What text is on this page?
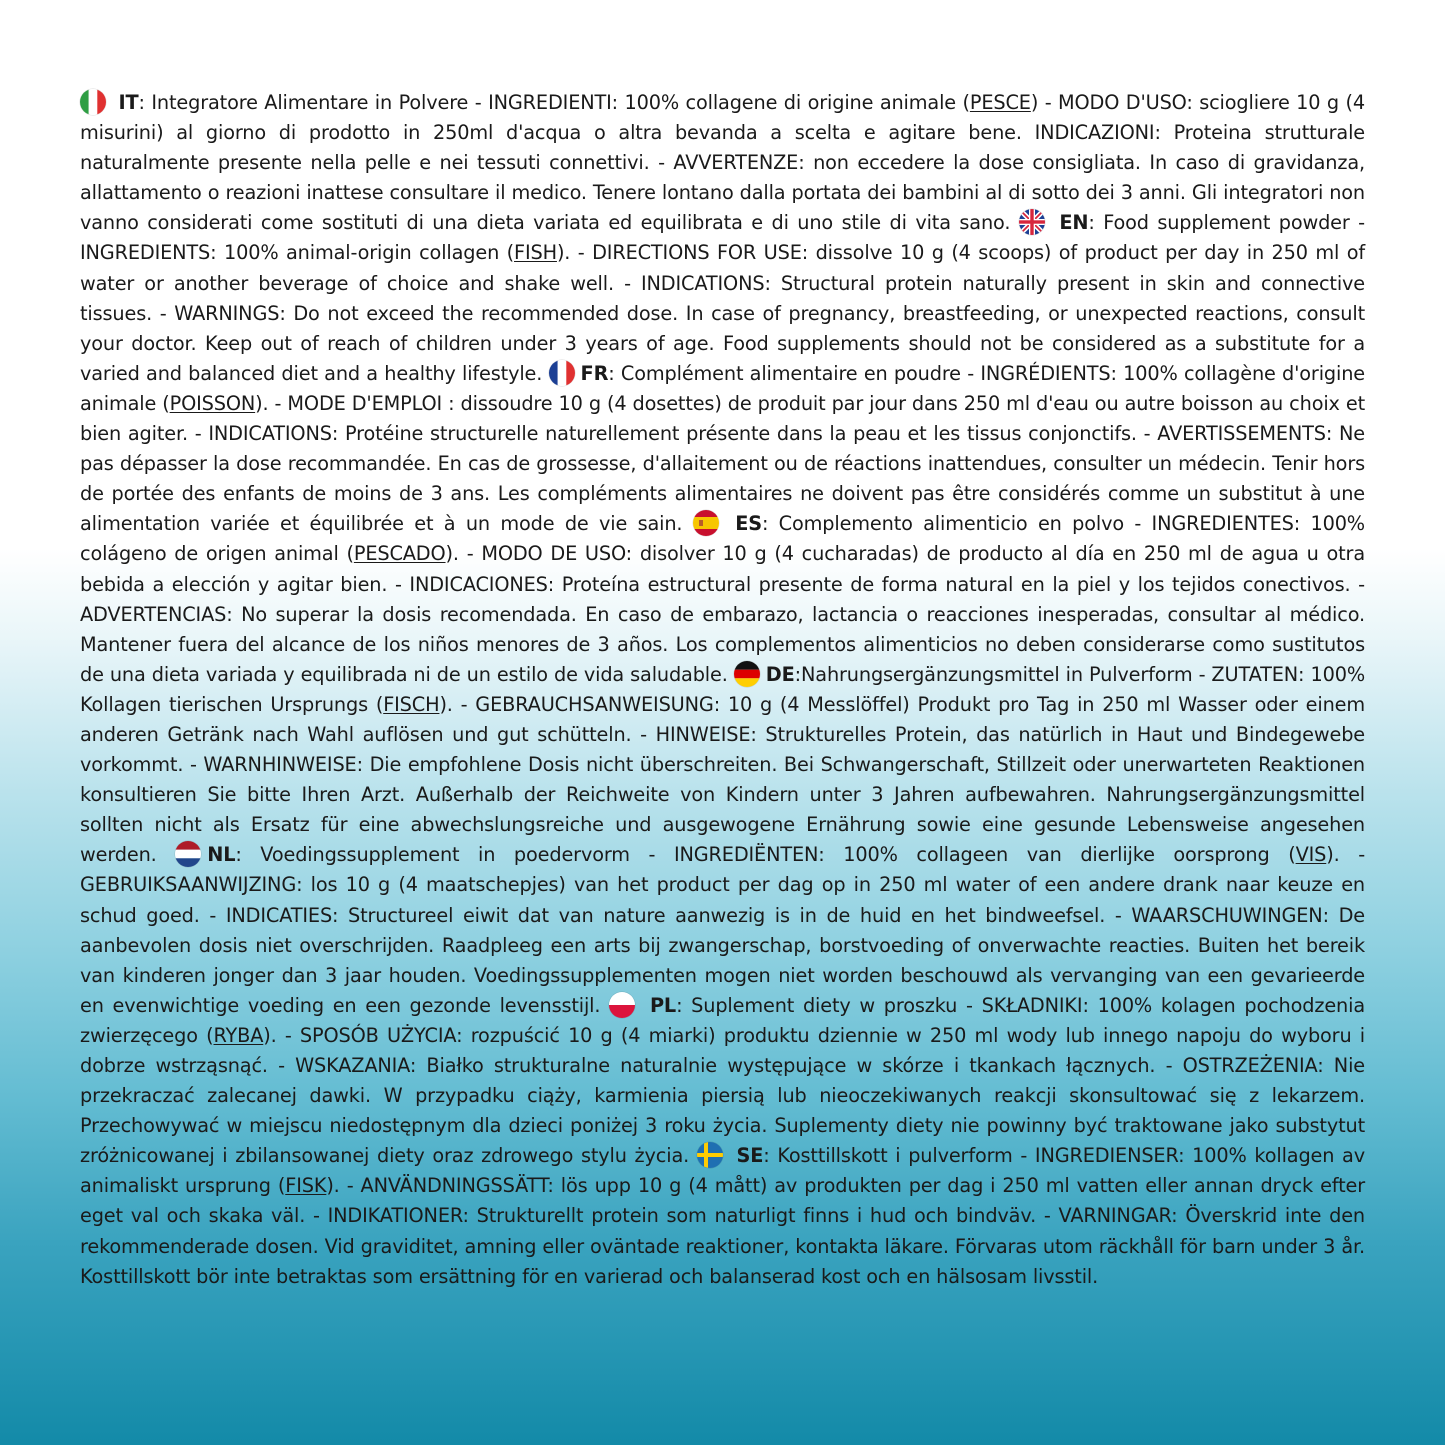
IT: Integratore Alimentare in Polvere - INGREDIENTI: 100% collagene di origine animale (PESCE) - MODO D'USO: sciogliere 10 g (4 misurini) al giorno di prodotto in 250ml d'acqua o altra bevanda a scelta e agitare bene. INDICAZIONI: Proteina strutturale naturalmente presente nella pelle e nei tessuti connettivi. - AVVERTENZE: non eccedere la dose consigliata. In caso di gravidanza, allattamento o reazioni inattese consultare il medico. Tenere lontano dalla portata dei bambini al di sotto dei 3 anni. Gli integratori non vanno considerati come sostituti di una dieta variata ed equilibrata e di uno stile di vita sano.
EN: Food supplement powder - INGREDIENTS: 100% animal-origin collagen (FISH). - DIRECTIONS FOR USE: dissolve 10 g (4 scoops) of product per day in 250 ml of water or another beverage of choice and shake well. - INDICATIONS: Structural protein naturally present in skin and connective tissues. - WARNINGS: Do not exceed the recommended dose. In case of pregnancy, breastfeeding, or unexpected reactions, consult your doctor. Keep out of reach of children under 3 years of age. Food supplements should not be considered as a substitute for a varied and balanced diet and a healthy lifestyle.
FR: Complément alimentaire en poudre - INGRÉDIENTS: 100% collagène d'origine animale (POISSON). - MODE D'EMPLOI : dissoudre 10 g (4 dosettes) de produit par jour dans 250 ml d'eau ou autre boisson au choix et bien agiter. - INDICATIONS: Protéine structurelle naturellement présente dans la peau et les tissus conjonctifs. - AVERTISSEMENTS: Ne pas dépasser la dose recommandée. En cas de grossesse, d'allaitement ou de réactions inattendues, consulter un médecin. Tenir hors de portée des enfants de moins de 3 ans. Les compléments alimentaires ne doivent pas être considérés comme un substitut à une alimentation variée et équilibrée et à un mode de vie sain.
ES: Complemento alimenticio en polvo - INGREDIENTES: 100% colágeno de origen animal (PESCADO). - MODO DE USO: disolver 10 g (4 cucharadas) de producto al día en 250 ml de agua u otra bebida a elección y agitar bien. - INDICACIONES: Proteína estructural presente de forma natural en la piel y los tejidos conectivos. - ADVERTENCIAS: No superar la dosis recomendada. En caso de embarazo, lactancia o reacciones inesperadas, consultar al médico. Mantener fuera del alcance de los niños menores de 3 años. Los complementos alimenticios no deben considerarse como sustitutos de una dieta variada y equilibrada ni de un estilo de vida saludable. DE:Nahrungsergänzungsmittel in Pulverform - ZUTATEN: 100% Kollagen tierischen Ursprungs (FISCH). - GEBRAUCHSANWEISUNG: 10 g (4 Messlöffel) Produkt pro Tag in 250 ml Wasser oder einem anderen Getränk nach Wahl auflösen und gut schütteln. - HINWEISE: Strukturelles Protein, das natürlich in Haut und Bindegewebe vorkommt. - WARNHINWEISE: Die empfohlene Dosis nicht überschreiten. Bei Schwangerschaft, Stillzeit oder unerwarteten Reaktionen konsultieren Sie bitte Ihren Arzt. Außerhalb der Reichweite von Kindern unter 3 Jahren aufbewahren. Nahrungsergänzungsmittel sollten nicht als Ersatz für eine abwechslungsreiche und ausgewogene Ernährung sowie eine gesunde Lebensweise angesehen werden.	NL: Voedingssupplement in poedervorm - INGREDIËNTEN: 100% collageen van dierlijke oorsprong (VIS). - GEBRUIKSAANWIJZING: los 10 g (4 maatschepjes) van het product per dag op in 250 ml water of een andere drank naar keuze en schud goed. - INDICATIES: Structureel eiwit dat van nature aanwezig is in de huid en het bindweefsel. - WAARSCHUWINGEN: De aanbevolen dosis niet overschrijden. Raadpleeg een arts bij zwangerschap, borstvoeding of onverwachte reacties. Buiten het bereik van kinderen jonger dan 3 jaar houden. Voedingssupplementen mogen niet worden beschouwd als vervanging van een gevarieerde en evenwichtige voeding en een gezonde levensstijl.
PL: Suplement diety w proszku - SKŁADNIKI: 100% kolagen pochodzenia zwierzęcego (RYBA). - SPOSÓB UŻYCIA: rozpuścić 10 g (4 miarki) produktu dziennie w 250 ml wody lub innego napoju do wyboru i dobrze wstrząsnąć. - WSKAZANIA: Białko strukturalne naturalnie występujące w skórze i tkankach łącznych. - OSTRZEŻENIA: Nie przekraczać zalecanej dawki. W przypadku ciąży, karmienia piersią lub nieoczekiwanych reakcji skonsultować się z lekarzem. Przechowywać w miejscu niedostępnym dla dzieci poniżej 3 roku życia. Suplementy diety nie powinny być traktowane jako substytut zróżnicowanej i zbilansowanej diety oraz zdrowego stylu życia.
SE: Kosttillskott i pulverform - INGREDIENSER: 100% kollagen av animaliskt ursprung (FISK). - ANVÄNDNINGSSÄTT: lös upp 10 g (4 mått) av produkten per dag i 250 ml vatten eller annan dryck efter eget val och skaka väl. - INDIKATIONER: Strukturellt protein som naturligt finns i hud och bindväv. - VARNINGAR: Överskrid inte den rekommenderade dosen. Vid graviditet, amning eller oväntade reaktioner, kontakta läkare. Förvaras utom räckhåll för barn under 3 år. Kosttillskott bör inte betraktas som ersättning för en varierad och balanserad kost och en hälsosam livsstil.
